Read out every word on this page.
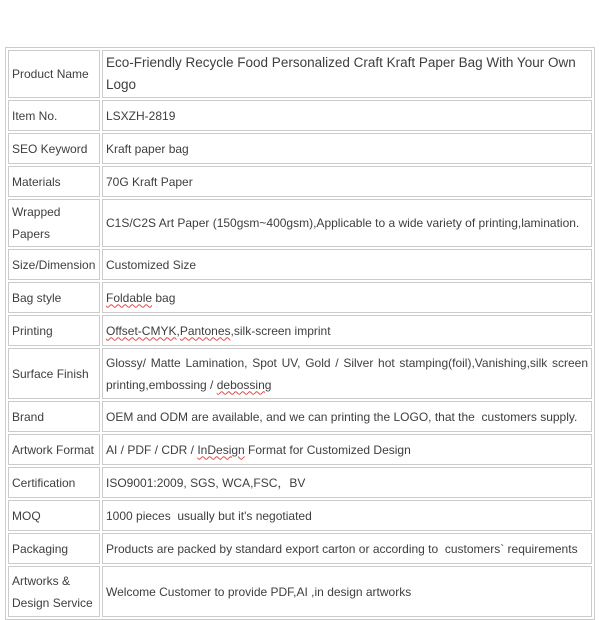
Product Name	Eco-Friendly Recycle Food Personalized Craft Kraft Paper Bag With Your Own Logo
Item No.	LSXZH-2819
SEO Keyword	Kraft paper bag
Materials	70G Kraft Paper
Wrapped Papers	C1S/C2S Art Paper (150gsm~400gsm),Applicable to a wide variety of printing,lamination.
Size/Dimension	Customized Size
Bag style	Foldable bag
Printing	Offset-CMYK,Pantones,silk-screen imprint
Surface Finish	Glossy/ Matte Lamination, Spot UV, Gold / Silver hot stamping(foil),Vanishing,silk screen printing,embossing / debossing
Brand	OEM and ODM are available, and we can printing the LOGO, that the  customers supply.
Artwork Format	AI / PDF / CDR / InDesign Format for Customized Design
Certification	ISO9001:2009, SGS, WCA,FSC，BV
MOQ	1000 pieces  usually but it's negotiated
Packaging	Products are packed by standard export carton or according to  customers` requirements
Artworks & Design Service	Welcome Customer to provide PDF,AI ,in design artworks
